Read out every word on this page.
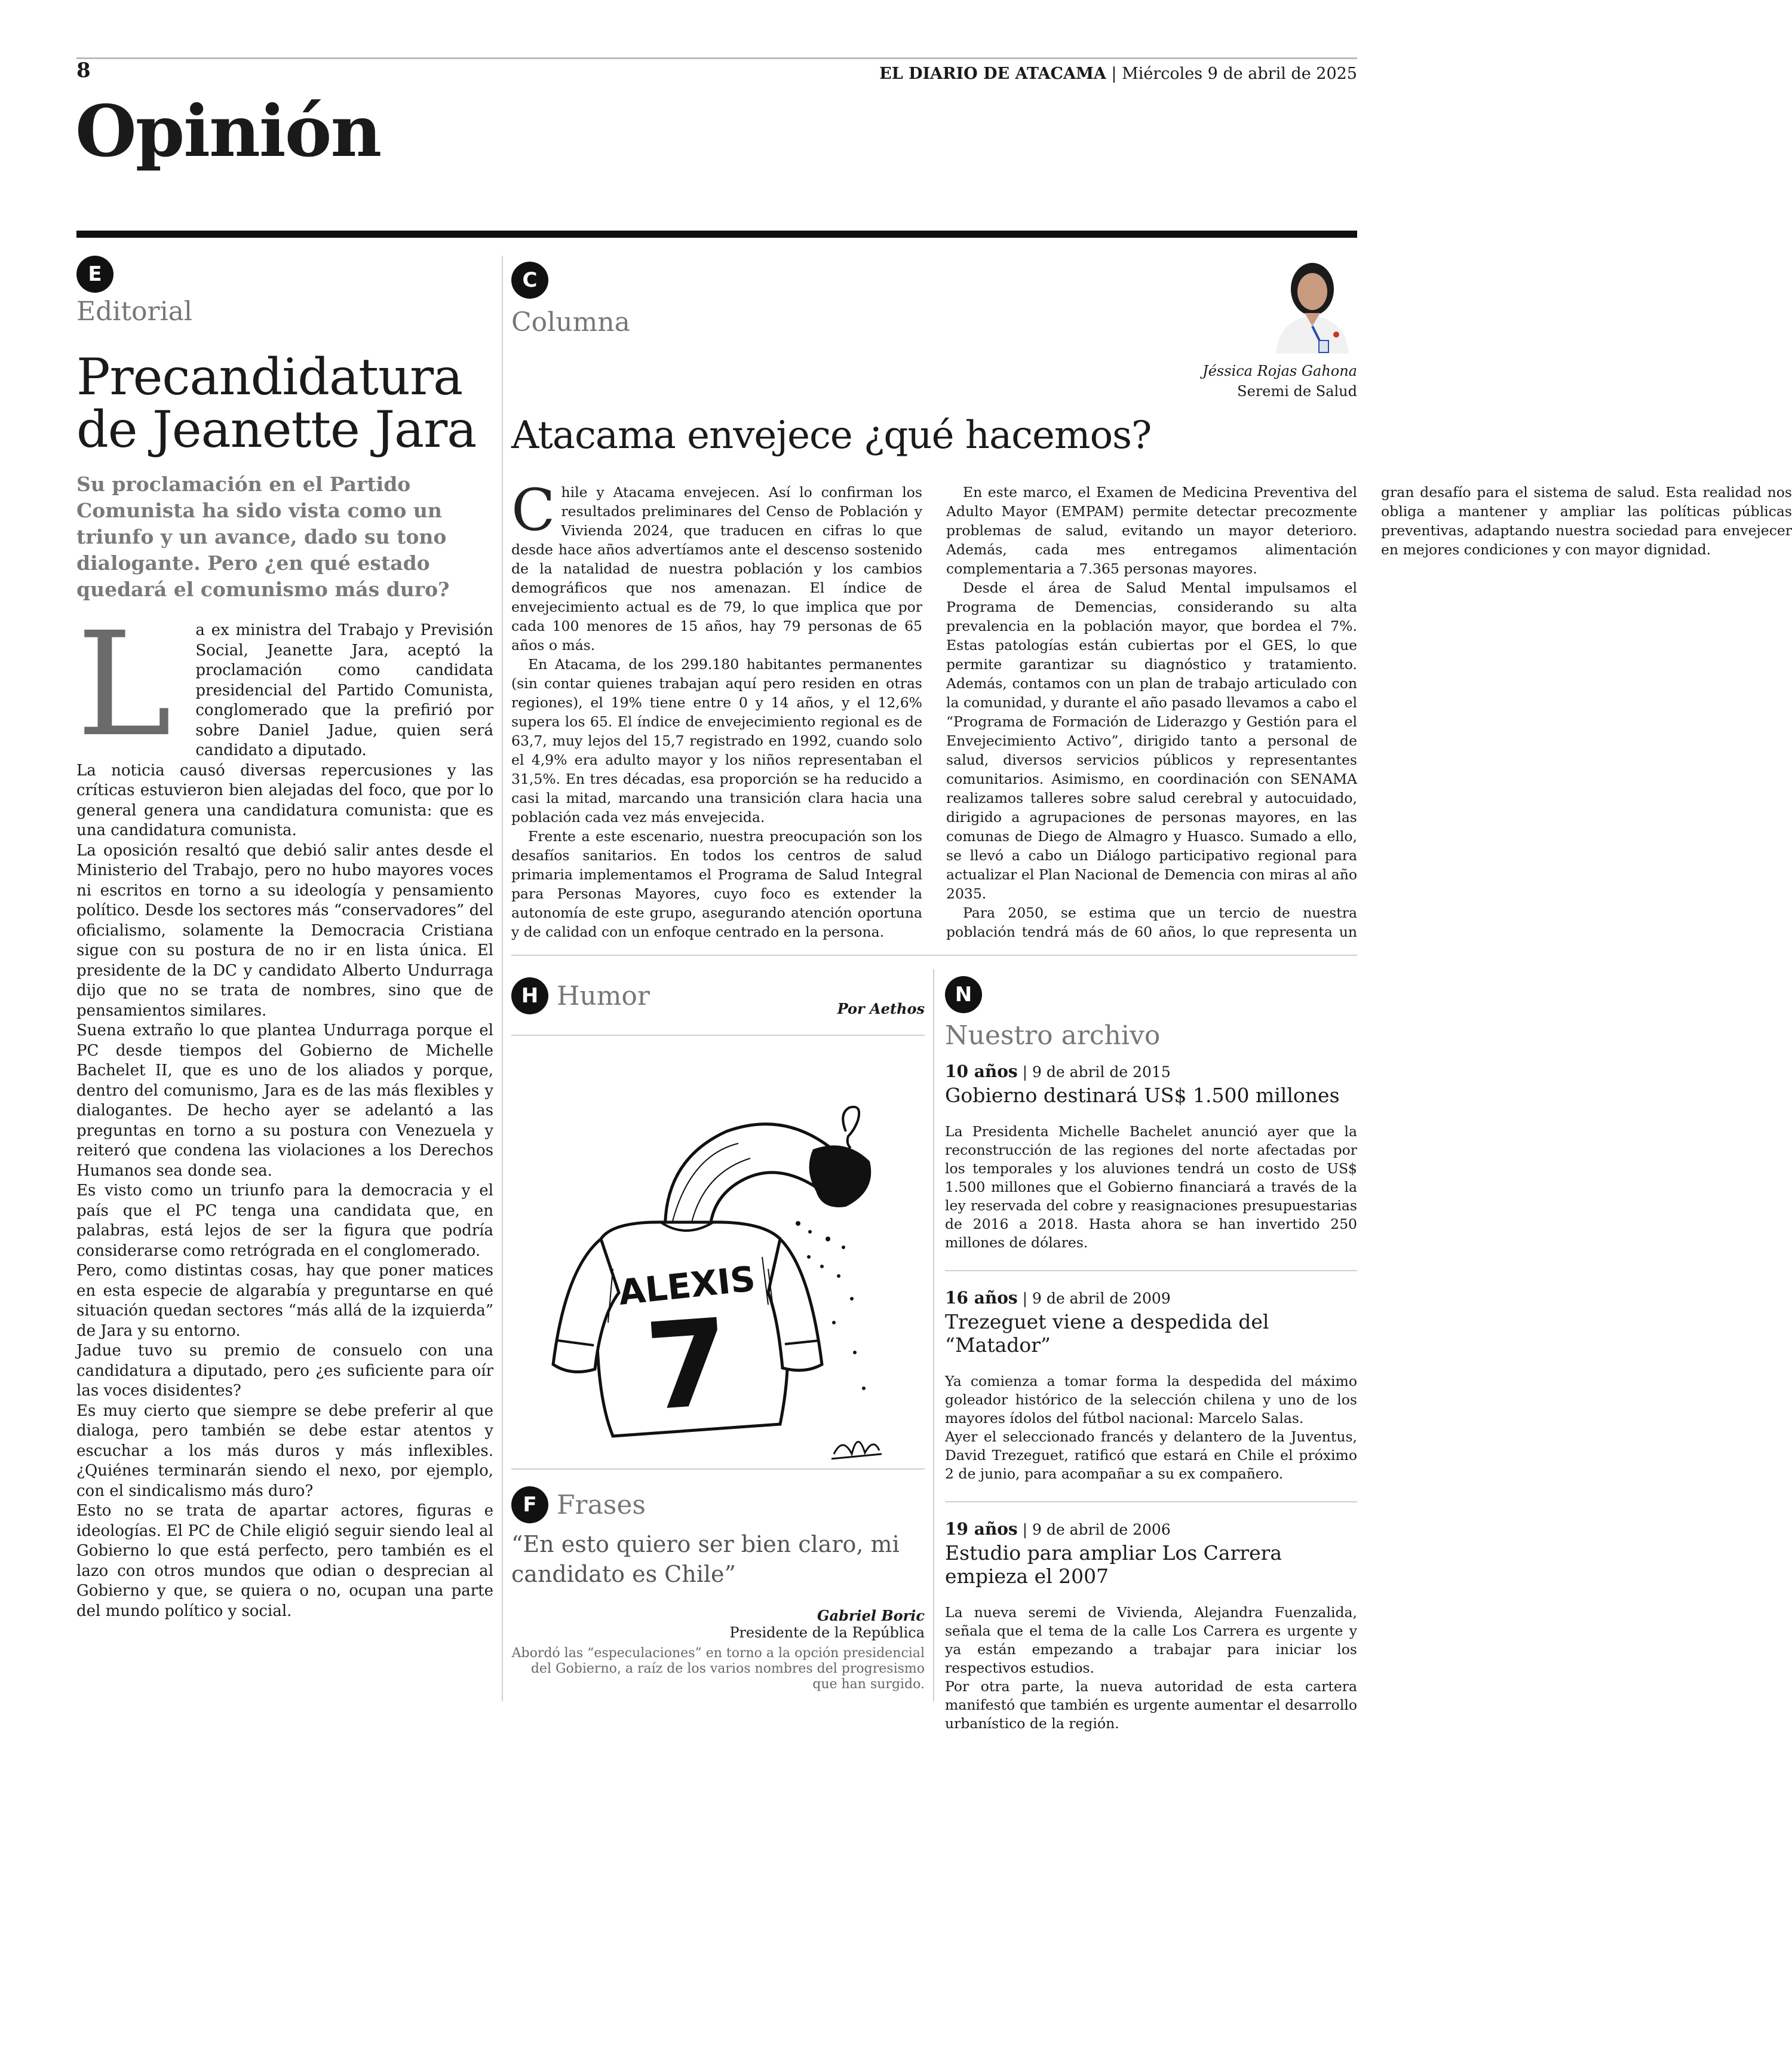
8	EL DIARIO DE ATACAMA | Miércoles 9 de abril de 2025
Opinión
E
Editorial
Precandidatura
de Jeanette Jara
Su proclamación en el Partido Comunista ha sido vista como un triunfo y un avance, dado su tono dialogante. Pero ¿en qué estado quedará el comunismo más duro?
L	a ex ministra del Trabajo y Previsión Social, Jeanette Jara, aceptó la proclamación como candidata presidencial del Partido Comunista, conglomerado que la prefirió por sobre Daniel Jadue, quien será candidato a diputado.

La noticia causó diversas repercusiones y las críticas estuvieron bien alejadas del foco, que por lo general genera una candidatura comunista: que es una candidatura comunista.

La oposición resaltó que debió salir antes desde el Ministerio del Trabajo, pero no hubo mayores voces ni escritos en torno a su ideología y pensamiento político. Desde los sectores más “conservadores” del oficialismo, solamente la Democracia Cristiana sigue con su postura de no ir en lista única. El presidente de la DC y candidato Alberto Undurraga dijo que no se trata de nombres, sino que de pensamientos similares.

Suena extraño lo que plantea Undurraga porque el PC desde tiempos del Gobierno de Michelle Bachelet II, que es uno de los aliados y porque, dentro del comunismo, Jara es de las más flexibles y dialogantes. De hecho ayer se adelantó a las preguntas en torno a su postura con Venezuela y reiteró que condena las violaciones a los Derechos Humanos sea donde sea.

Es visto como un triunfo para la democracia y el país que el PC tenga una candidata que, en palabras, está lejos de ser la figura que podría considerarse como retrógrada en el conglomerado.

Pero, como distintas cosas, hay que poner matices en esta especie de algarabía y preguntarse en qué situación quedan sectores “más allá de la izquierda” de Jara y su entorno.

Jadue tuvo su premio de consuelo con una candidatura a diputado, pero ¿es suficiente para oír las voces disidentes?

Es muy cierto que siempre se debe preferir al que dialoga, pero también se debe estar atentos y escuchar a los más duros y más inflexibles. ¿Quiénes terminarán siendo el nexo, por ejemplo, con el sindicalismo más duro?

Esto no se trata de apartar actores, figuras e ideologías. El PC de Chile eligió seguir siendo leal al Gobierno lo que está perfecto, pero también es el lazo con otros mundos que odian o desprecian al Gobierno y que, se quiera o no, ocupan una parte del mundo político y social.

C
Columna
Jéssica Rojas Gahona
Seremi de Salud
Atacama envejece ¿qué hacemos?

Chile y Atacama envejecen. Así lo confirman los resultados preliminares del Censo de Población y Vivienda 2024, que traducen en cifras lo que desde hace años advertíamos ante el descenso sostenido de la natalidad de nuestra población y los cambios demográficos que nos amenazan. El índice de envejecimiento actual es de 79, lo que implica que por cada 100 menores de 15 años, hay 79 personas de 65 años o más.

En Atacama, de los 299.180 habitantes permanentes (sin contar quienes trabajan aquí pero residen en otras regiones), el 19% tiene entre 0 y 14 años, y el 12,6% supera los 65. El índice de envejecimiento regional es de 63,7, muy lejos del 15,7 registrado en 1992, cuando solo el 4,9% era adulto mayor y los niños representaban el 31,5%. En tres décadas, esa proporción se ha reducido a casi la mitad, marcando una transición clara hacia una población cada vez más envejecida.

Frente a este escenario, nuestra preocupación son los desafíos sanitarios. En todos los centros de salud primaria implementamos el Programa de Salud Integral para Personas Mayores, cuyo foco es extender la autonomía de este grupo, asegurando atención oportuna y de calidad con un enfoque centrado en la persona.

En este marco, el Examen de Medicina Preventiva del Adulto Mayor (EMPAM) permite detectar precozmente problemas de salud, evitando un mayor deterioro. Además, cada mes entregamos alimentación complementaria a 7.365 personas mayores.

Desde el área de Salud Mental impulsamos el Programa de Demencias, considerando su alta prevalencia en la población mayor, que bordea el 7%. Estas patologías están cubiertas por el GES, lo que permite garantizar su diagnóstico y tratamiento. Además, contamos con un plan de trabajo articulado con la comunidad, y durante el año pasado llevamos a cabo el “Programa de Formación de Liderazgo y Gestión para el Envejecimiento Activo”, dirigido tanto a personal de salud, diversos servicios públicos y representantes comunitarios. Asimismo, en coordinación con SENAMA realizamos talleres sobre salud cerebral y autocuidado, dirigido a agrupaciones de personas mayores, en las comunas de Diego de Almagro y Huasco. Sumado a ello, se llevó a cabo un Diálogo participativo regional para actualizar el Plan Nacional de Demencia con miras al año 2035.

Para 2050, se estima que un tercio de nuestra población tendrá más de 60 años, lo que representa un gran desafío para el sistema de salud. Esta realidad nos obliga a mantener y ampliar las políticas públicas preventivas, adaptando nuestra sociedad para envejecer en mejores condiciones y con mayor dignidad.

H Humor	Por Aethos
ALEXIS
7
F Frases
“En esto quiero ser bien claro, mi candidato es Chile”
Gabriel Boric
Presidente de la República
Abordó las “especulaciones” en torno a la opción presidencial del Gobierno, a raíz de los varios nombres del progresismo que han surgido.
N
Nuestro archivo
10 años | 9 de abril de 2015
Gobierno destinará US$ 1.500 millones

La Presidenta Michelle Bachelet anunció ayer que la reconstrucción de las regiones del norte afectadas por los temporales y los aluviones tendrá un costo de US$ 1.500 millones que el Gobierno financiará a través de la ley reservada del cobre y reasignaciones presupuestarias de 2016 a 2018. Hasta ahora se han invertido 250 millones de dólares.

16 años | 9 de abril de 2009
Trezeguet viene a despedida del “Matador”

Ya comienza a tomar forma la despedida del máximo goleador histórico de la selección chilena y uno de los mayores ídolos del fútbol nacional: Marcelo Salas.

Ayer el seleccionado francés y delantero de la Juventus, David Trezeguet, ratificó que estará en Chile el próximo 2 de junio, para acompañar a su ex compañero.

19 años | 9 de abril de 2006
Estudio para ampliar Los Carrera empieza el 2007

La nueva seremi de Vivienda, Alejandra Fuenzalida, señala que el tema de la calle Los Carrera es urgente y ya están empezando a trabajar para iniciar los respectivos estudios.

Por otra parte, la nueva autoridad de esta cartera manifestó que también es urgente aumentar el desarrollo urbanístico de la región.
